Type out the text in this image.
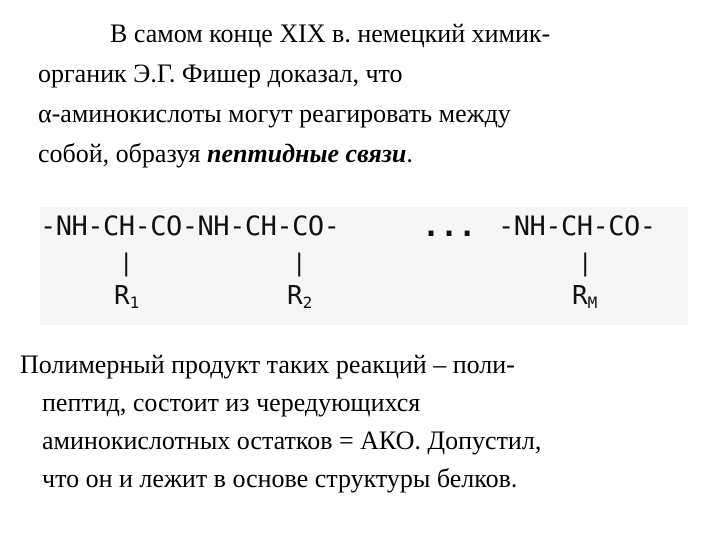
В самом конце XIX в. немецкий химик-
органик Э.Г. Фишер доказал, что
α-аминокислоты могут реагировать между
собой, образуя пептидные связи.
-NH-CH-CO-NH-CH-CO-	... -NH-CH-CO-
|	|	|
$R_1$	$R_2$	$R_M$
Полимерный продукт таких реакций – поли-
пептид, состоит из чередующихся
аминокислотных остатков = АКО. Допустил,
что он и лежит в основе структуры белков.
